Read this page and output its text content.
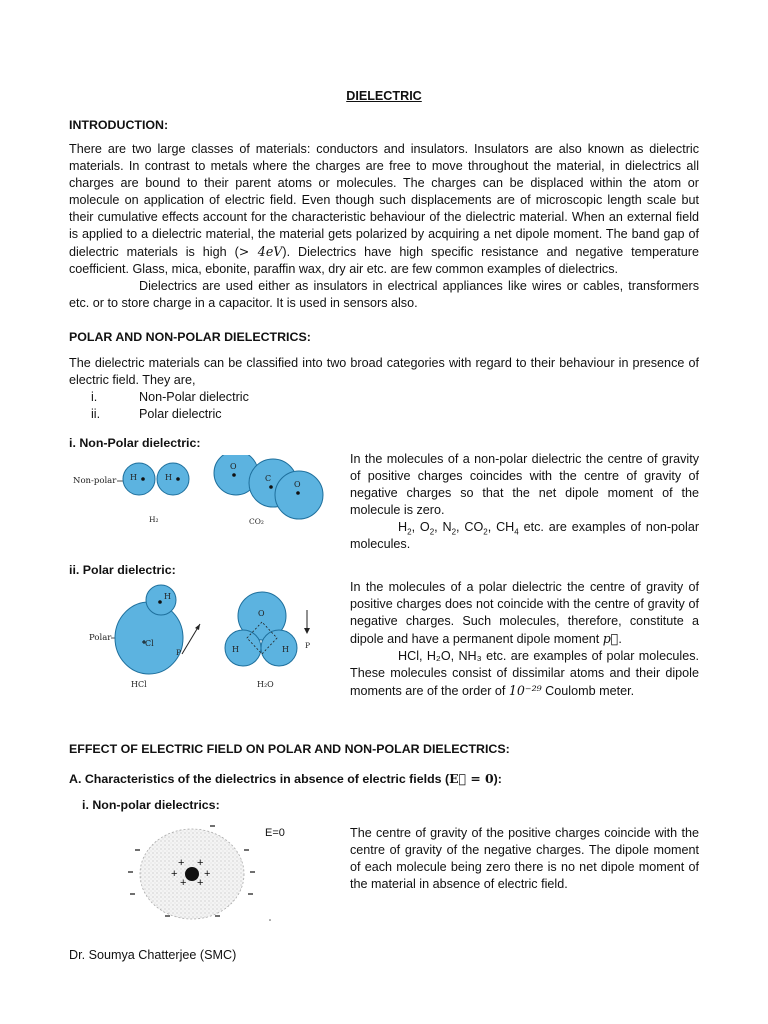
DIELECTRIC
INTRODUCTION:

There are two large classes of materials: conductors and insulators. Insulators are also known as dielectric materials. In contrast to metals where the charges are free to move throughout the material, in dielectrics all charges are bound to their parent atoms or molecules. The charges can be displaced within the atom or molecule on application of electric field. Even though such displacements are of microscopic length scale but their cumulative effects account for the characteristic behaviour of the dielectric material. When an external field is applied to a dielectric material, the material gets polarized by acquiring a net dipole moment. The band gap of dielectric materials is high (> 4eV). Dielectrics have high specific resistance and negative temperature coefficient. Glass, mica, ebonite, paraffin wax, dry air etc. are few common examples of dielectrics.
Dielectrics are used either as insulators in electrical appliances like wires or cables, transformers etc. or to store charge in a capacitor. It is used in sensors also.

POLAR AND NON-POLAR DIELECTRICS:

The dielectric materials can be classified into two broad categories with regard to their behaviour in presence of electric field. They are,

i.	Non-Polar dielectric
ii.	Polar dielectric
i. Non-Polar dielectric:
Non-polar H	H
H₂
O
C
O
CO₂

In the molecules of a non-polar dielectric the centre of gravity of positive charges coincides with the centre of gravity of negative charges so that the net dipole moment of the molecule is zero.
$H_2$, $O_2$, $N_2$, $CO_2$, $CH_4$ etc. are examples of non-polar molecules.

ii. Polar dielectric:
Polar
H
Cl
P
HCl
O
H	H P
H₂O

In the molecules of a polar dielectric the centre of gravity of positive charges does not coincide with the centre of gravity of negative charges. Such molecules, therefore, constitute a dipole and have a permanent dipole moment p⃗.
HCl, H₂O, NH₃ etc. are examples of polar molecules. These molecules consist of dissimilar atoms and their dipole moments are of the order of 10⁻²⁹ Coulomb meter.

EFFECT OF ELECTRIC FIELD ON POLAR AND NON-POLAR DIELECTRICS:
A. Characteristics of the dielectrics in absence of electric fields (E⃗ = 0):
i. Non-polar dielectrics:
+ +
+ +
+ +
E=0	The centre of gravity of the positive charges coincide with the centre of gravity of the negative charges. The dipole moment of each molecule being zero there is no net dipole moment of the material in absence of electric field.

Dr. Soumya Chatterjee (SMC)
